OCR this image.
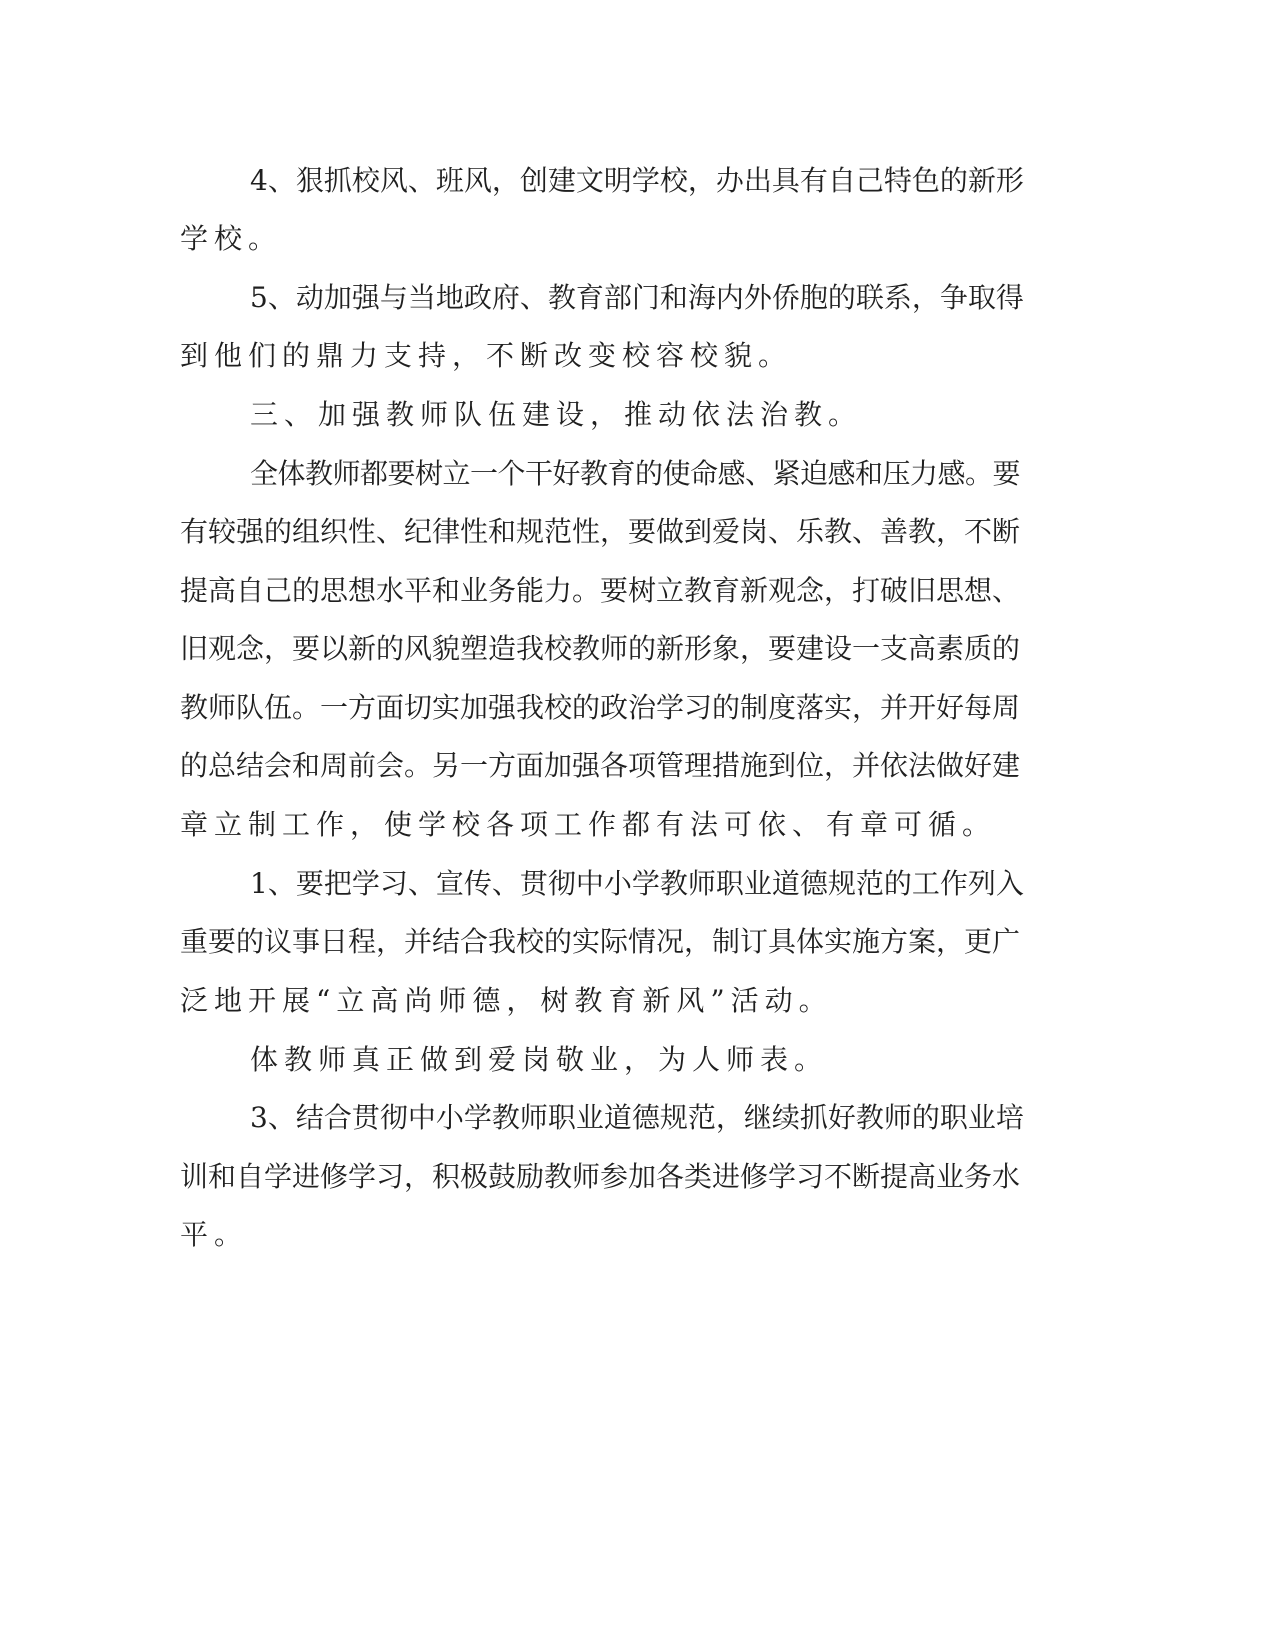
4、狠抓校风、班风，创建文明学校，办出具有自己特色的新形

学校。

5、动加强与当地政府、教育部门和海内外侨胞的联系，争取得

到他们的鼎力支持，不断改变校容校貌。

三、加强教师队伍建设，推动依法治教。

全体教师都要树立一个干好教育的使命感、紧迫感和压力感。要

有较强的组织性、纪律性和规范性，要做到爱岗、乐教、善教，不断

提高自己的思想水平和业务能力。要树立教育新观念，打破旧思想、

旧观念，要以新的风貌塑造我校教师的新形象，要建设一支高素质的

教师队伍。一方面切实加强我校的政治学习的制度落实，并开好每周

的总结会和周前会。另一方面加强各项管理措施到位，并依法做好建

章立制工作，使学校各项工作都有法可依、有章可循。

1、要把学习、宣传、贯彻中小学教师职业道德规范的工作列入

重要的议事日程，并结合我校的实际情况，制订具体实施方案，更广

泛地开展“立高尚师德，树教育新风”活动。

体教师真正做到爱岗敬业，为人师表。

3、结合贯彻中小学教师职业道德规范，继续抓好教师的职业培

训和自学进修学习，积极鼓励教师参加各类进修学习不断提高业务水

平。
